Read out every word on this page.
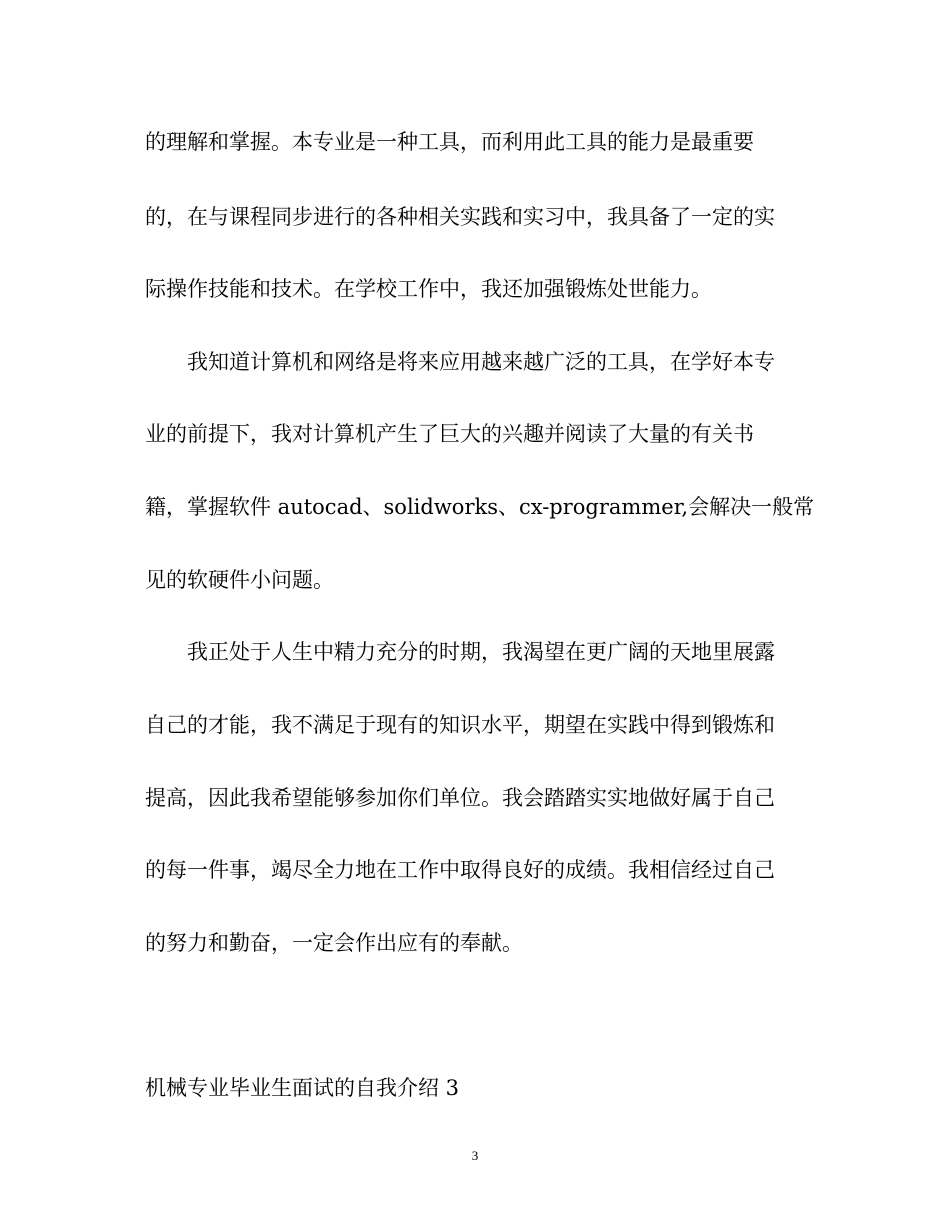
的理解和掌握。本专业是一种工具，而利用此工具的能力是最重要
的，在与课程同步进行的各种相关实践和实习中，我具备了一定的实
际操作技能和技术。在学校工作中，我还加强锻炼处世能力。
我知道计算机和网络是将来应用越来越广泛的工具，在学好本专
业的前提下，我对计算机产生了巨大的兴趣并阅读了大量的有关书
籍，掌握软件 autocad、solidworks、cx-programmer,会解决一般常
见的软硬件小问题。
我正处于人生中精力充分的时期，我渴望在更广阔的天地里展露
自己的才能，我不满足于现有的知识水平，期望在实践中得到锻炼和
提高，因此我希望能够参加你们单位。我会踏踏实实地做好属于自己
的每一件事，竭尽全力地在工作中取得良好的成绩。我相信经过自己
的努力和勤奋，一定会作出应有的奉献。
机械专业毕业生面试的自我介绍 3
3
